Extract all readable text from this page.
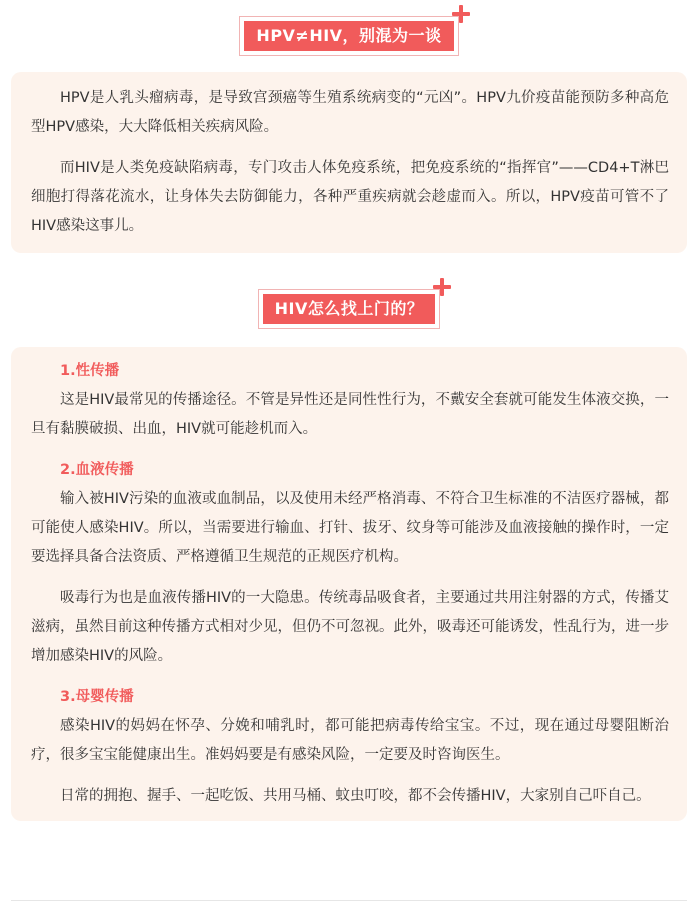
HPV≠HIV，别混为一谈

HPV是人乳头瘤病毒，是导致宫颈癌等生殖系统病变的“元凶”。HPV九价疫苗能预防多种高危型HPV感染，大大降低相关疾病风险。

而HIV是人类免疫缺陷病毒，专门攻击人体免疫系统，把免疫系统的“指挥官”——CD4+T淋巴细胞打得落花流水，让身体失去防御能力，各种严重疾病就会趁虚而入。所以，HPV疫苗可管不了HIV感染这事儿。

HIV怎么找上门的？
1.性传播

这是HIV最常见的传播途径。不管是异性还是同性性行为，不戴安全套就可能发生体液交换，一旦有黏膜破损、出血，HIV就可能趁机而入。

2.血液传播

输入被HIV污染的血液或血制品，以及使用未经严格消毒、不符合卫生标准的不洁医疗器械，都可能使人感染HIV。所以，当需要进行输血、打针、拔牙、纹身等可能涉及血液接触的操作时，一定要选择具备合法资质、严格遵循卫生规范的正规医疗机构。

吸毒行为也是血液传播HIV的一大隐患。传统毒品吸食者，主要通过共用注射器的方式，传播艾滋病，虽然目前这种传播方式相对少见，但仍不可忽视。此外，吸毒还可能诱发，性乱行为，进一步增加感染HIV的风险。

3.母婴传播

感染HIV的妈妈在怀孕、分娩和哺乳时，都可能把病毒传给宝宝。不过，现在通过母婴阻断治疗，很多宝宝能健康出生。准妈妈要是有感染风险，一定要及时咨询医生。

日常的拥抱、握手、一起吃饭、共用马桶、蚊虫叮咬，都不会传播HIV，大家别自己吓自己。
